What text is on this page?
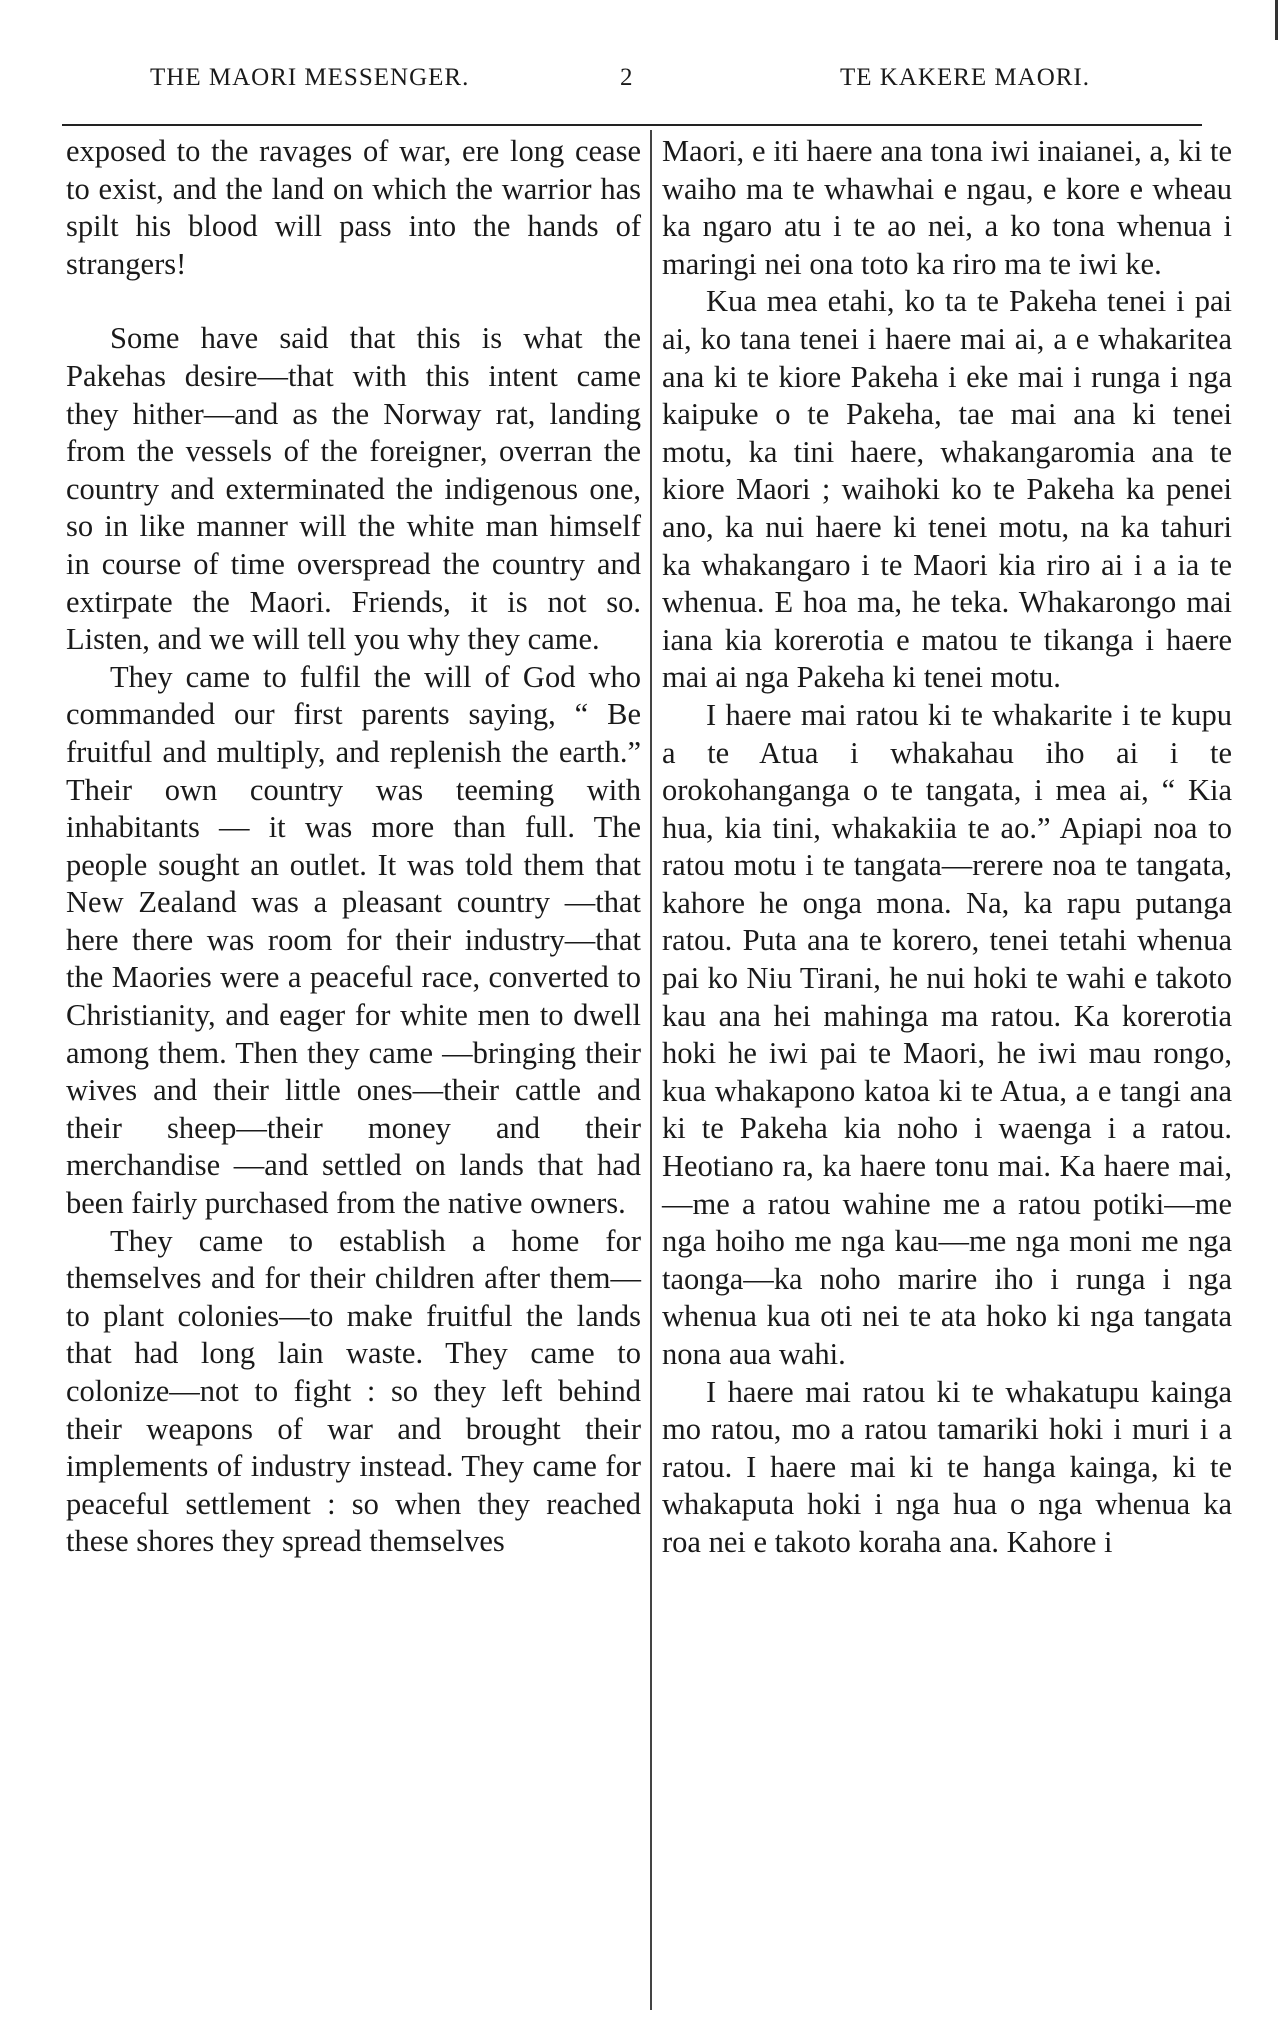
THE MAORI MESSENGER.	2	TE KAKERE MAORI.

exposed to the ravages of war, ere long cease to exist, and the land on which the warrior has spilt his blood will pass into the hands of strangers!

Some have said that this is what the Pakehas desire—that with this intent came they hither—and as the Norway rat, landing from the vessels of the foreigner, overran the country and exterminated the indigenous one, so in like manner will the white man himself in course of time overspread the country and extirpate the Maori. Friends, it is not so. Listen, and we will tell you why they came.

They came to fulfil the will of God who commanded our first parents saying, “ Be fruitful and multiply, and replenish the earth.” Their own country was teeming with inhabitants — it was more than full. The people sought an outlet. It was told them that New Zealand was a pleasant country —that here there was room for their industry—that the Maories were a peaceful race, converted to Christianity, and eager for white men to dwell among them. Then they came —bringing their wives and their little ones—their cattle and their sheep—their money and their merchandise —and settled on lands that had been fairly purchased from the native owners.

They came to establish a home for themselves and for their children after them—to plant colonies—to make fruitful the lands that had long lain waste. They came to colonize—not to fight : so they left behind their weapons of war and brought their implements of industry instead. They came for peaceful settlement : so when they reached these shores they spread themselves

Maori, e iti haere ana tona iwi inaianei, a, ki te waiho ma te whawhai e ngau, e kore e wheau ka ngaro atu i te ao nei, a ko tona whenua i maringi nei ona toto ka riro ma te iwi ke.

Kua mea etahi, ko ta te Pakeha tenei i pai ai, ko tana tenei i haere mai ai, a e whakaritea ana ki te kiore Pakeha i eke mai i runga i nga kaipuke o te Pakeha, tae mai ana ki tenei motu, ka tini haere, whakangaromia ana te kiore Maori ; waihoki ko te Pakeha ka penei ano, ka nui haere ki tenei motu, na ka tahuri ka whakangaro i te Maori kia riro ai i a ia te whenua. E hoa ma, he teka. Whakarongo mai iana kia korerotia e matou te tikanga i haere mai ai nga Pakeha ki tenei motu.

I haere mai ratou ki te whakarite i te kupu a te Atua i whakahau iho ai i te orokohanganga o te tangata, i mea ai, “ Kia hua, kia tini, whakakiia te ao.” Apiapi noa to ratou motu i te tangata—rerere noa te tangata, kahore he onga mona. Na, ka rapu putanga ratou. Puta ana te korero, tenei tetahi whenua pai ko Niu Tirani, he nui hoki te wahi e takoto kau ana hei mahinga ma ratou. Ka korerotia hoki he iwi pai te Maori, he iwi mau rongo, kua whakapono katoa ki te Atua, a e tangi ana ki te Pakeha kia noho i waenga i a ratou. Heotiano ra, ka haere tonu mai. Ka haere mai,—me a ratou wahine me a ratou potiki—me nga hoiho me nga kau—me nga moni me nga taonga—ka noho marire iho i runga i nga whenua kua oti nei te ata hoko ki nga tangata nona aua wahi.

I haere mai ratou ki te whakatupu kainga mo ratou, mo a ratou tamariki hoki i muri i a ratou. I haere mai ki te hanga kainga, ki te whakaputa hoki i nga hua o nga whenua ka roa nei e takoto koraha ana. Kahore i
